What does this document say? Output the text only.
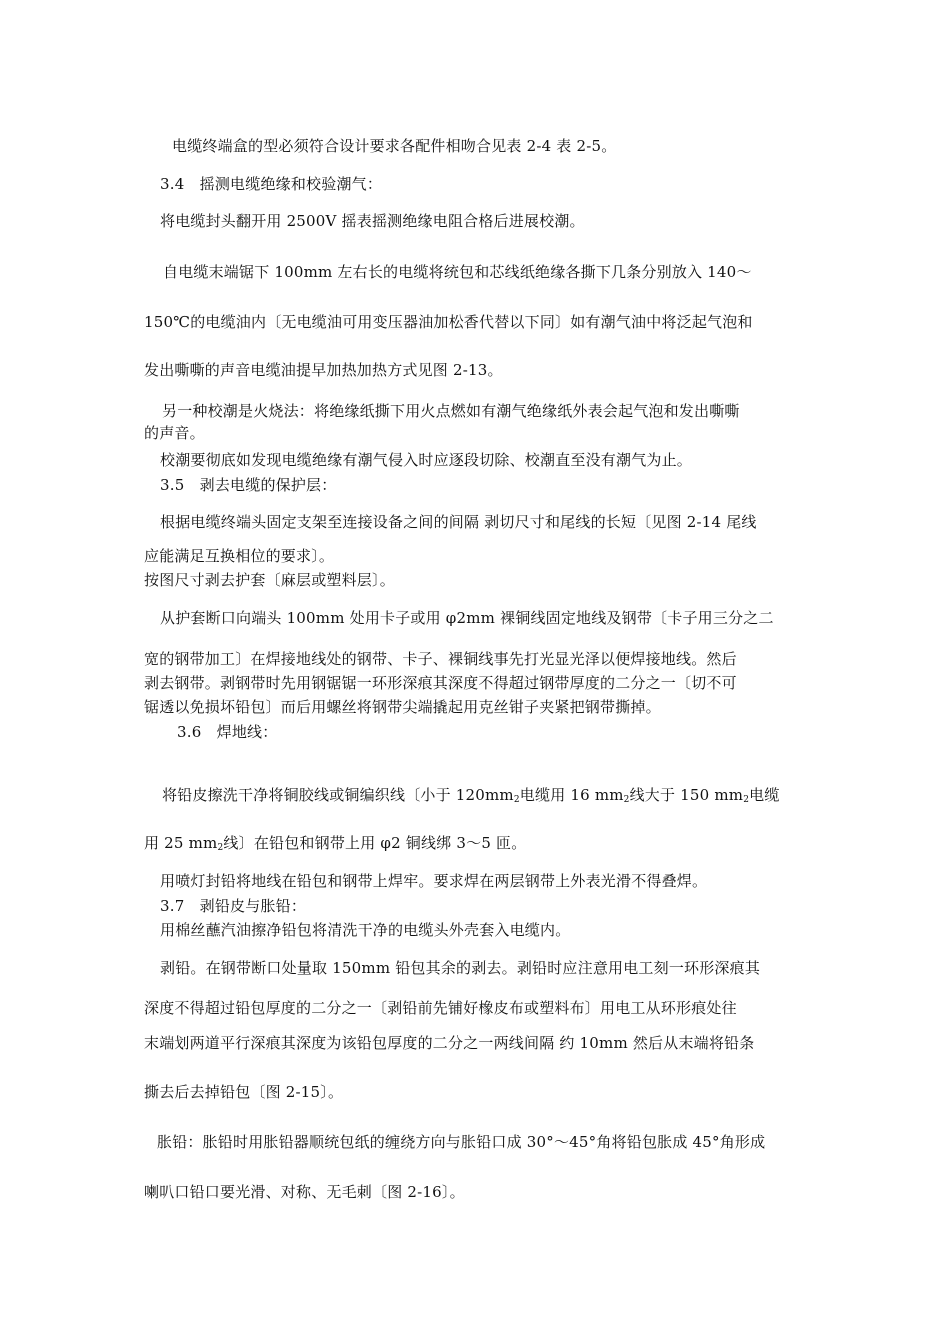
电缆终端盒的型必须符合设计要求各配件相吻合见表 2-4 表 2-5。
3.4　摇测电缆绝缘和校验潮气：
将电缆封头翻开用 2500V 摇表摇测绝缘电阻合格后进展校潮。
自电缆末端锯下 100mm 左右长的电缆将统包和芯线纸绝缘各撕下几条分别放入 140～
150℃的电缆油内〔无电缆油可用变压器油加松香代替以下同〕如有潮气油中将泛起气泡和
发出嘶嘶的声音电缆油提早加热加热方式见图 2-13。
另一种校潮是火烧法：将绝缘纸撕下用火点燃如有潮气绝缘纸外表会起气泡和发出嘶嘶
的声音。
校潮要彻底如发现电缆绝缘有潮气侵入时应逐段切除、校潮直至没有潮气为止。
3.5　剥去电缆的保护层：
根据电缆终端头固定支架至连接设备之间的间隔 剥切尺寸和尾线的长短〔见图 2-14 尾线
应能满足互换相位的要求〕。
按图尺寸剥去护套〔麻层或塑料层〕。
从护套断口向端头 100mm 处用卡子或用 φ2mm 裸铜线固定地线及钢带〔卡子用三分之二
宽的钢带加工〕在焊接地线处的钢带、卡子、裸铜线事先打光显光泽以便焊接地线。然后
剥去钢带。剥钢带时先用钢锯锯一环形深痕其深度不得超过钢带厚度的二分之一〔切不可
锯透以免损坏铅包〕而后用螺丝将钢带尖端撬起用克丝钳子夹紧把钢带撕掉。
3.6　焊地线：
将铅皮擦洗干净将铜胶线或铜编织线〔小于 $120mm_2$电缆用 16 $mm_2$线大于 150 $mm_2$电缆
用 25 $mm_2$线〕在铅包和钢带上用 φ2 铜线绑 3～5 匝。
用喷灯封铅将地线在铅包和钢带上焊牢。要求焊在两层钢带上外表光滑不得叠焊。
3.7　剥铅皮与胀铅：
用棉丝蘸汽油擦净铅包将清洗干净的电缆头外壳套入电缆内。
剥铅。在钢带断口处量取 150mm 铅包其余的剥去。剥铅时应注意用电工刻一环形深痕其
深度不得超过铅包厚度的二分之一〔剥铅前先铺好橡皮布或塑料布〕用电工从环形痕处往
末端划两道平行深痕其深度为该铅包厚度的二分之一两线间隔 约 10mm 然后从末端将铅条
撕去后去掉铅包〔图 2-15〕。
胀铅：胀铅时用胀铅器顺统包纸的缠绕方向与胀铅口成 30°～45°角将铅包胀成 45°角形成
喇叭口铅口要光滑、对称、无毛刺〔图 2-16〕。
